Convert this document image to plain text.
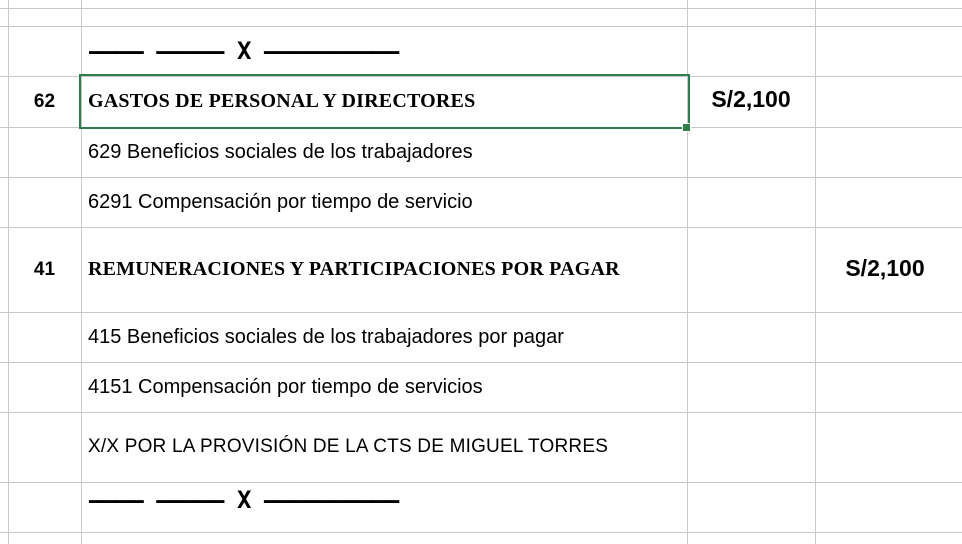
———— ————— X ——————————
62 GASTOS DE PERSONAL Y DIRECTORES	S/2,100
629 Beneficios sociales de los trabajadores
6291 Compensación por tiempo de servicio
41 REMUNERACIONES Y PARTICIPACIONES POR PAGAR	S/2,100
415 Beneficios sociales de los trabajadores por pagar
4151 Compensación por tiempo de servicios
X/X POR LA PROVISIÓN DE LA CTS DE MIGUEL TORRES
———— ————— X ——————————
